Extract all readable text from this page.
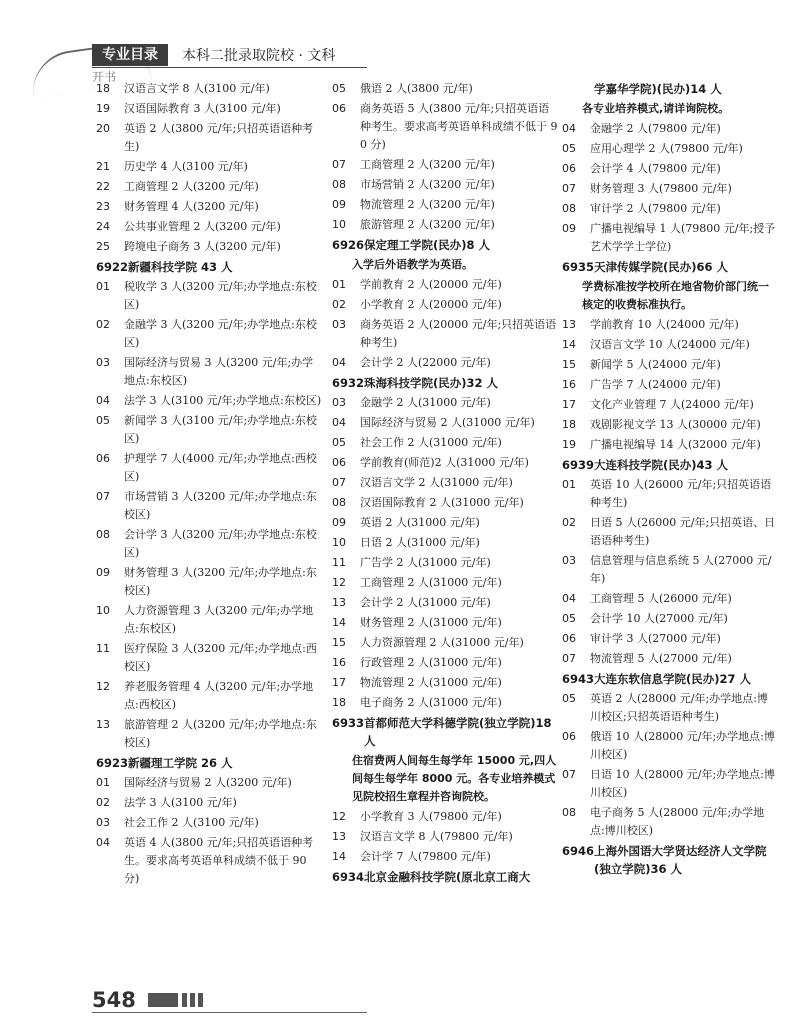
专业目录	本科二批录取院校 · 文科
开书
18	汉语言文学 8 人(3100 元/年)
19	汉语国际教育 3 人(3100 元/年)
20	英语 2 人(3800 元/年;只招英语语种考生)
21	历史学 4 人(3100 元/年)
22	工商管理 2 人(3200 元/年)
23	财务管理 4 人(3200 元/年)
24	公共事业管理 2 人(3200 元/年)
25	跨境电子商务 3 人(3200 元/年)
6922 新疆科技学院 43 人
01	税收学 3 人(3200 元/年;办学地点:东校区)
02	金融学 3 人(3200 元/年;办学地点:东校区)
03	国际经济与贸易 3 人(3200 元/年;办学地点:东校区)
04	法学 3 人(3100 元/年;办学地点:东校区)
05	新闻学 3 人(3100 元/年;办学地点:东校区)
06	护理学 7 人(4000 元/年;办学地点:西校区)
07	市场营销 3 人(3200 元/年;办学地点:东校区)
08	会计学 3 人(3200 元/年;办学地点:东校区)
09	财务管理 3 人(3200 元/年;办学地点:东校区)
10	人力资源管理 3 人(3200 元/年;办学地点:东校区)
11	医疗保险 3 人(3200 元/年;办学地点:西校区)
12	养老服务管理 4 人(3200 元/年;办学地点:西校区)
13	旅游管理 2 人(3200 元/年;办学地点:东校区)
6923 新疆理工学院 26 人
01	国际经济与贸易 2 人(3200 元/年)
02	法学 3 人(3100 元/年)
03	社会工作 2 人(3100 元/年)
04	英语 4 人(3800 元/年;只招英语语种考生。要求高考英语单科成绩不低于 90 分)
05	俄语 2 人(3800 元/年)
06	商务英语 5 人(3800 元/年;只招英语语种考生。要求高考英语单科成绩不低于 90 分)
07	工商管理 2 人(3200 元/年)
08	市场营销 2 人(3200 元/年)
09	物流管理 2 人(3200 元/年)
10	旅游管理 2 人(3200 元/年)
6926 保定理工学院(民办)8 人
入学后外语教学为英语。
01	学前教育 2 人(20000 元/年)
02	小学教育 2 人(20000 元/年)
03	商务英语 2 人(20000 元/年;只招英语语种考生)
04	会计学 2 人(22000 元/年)
6932 珠海科技学院(民办)32 人
03	金融学 2 人(31000 元/年)
04	国际经济与贸易 2 人(31000 元/年)
05	社会工作 2 人(31000 元/年)
06	学前教育(师范)2 人(31000 元/年)
07	汉语言文学 2 人(31000 元/年)
08	汉语国际教育 2 人(31000 元/年)
09	英语 2 人(31000 元/年)
10	日语 2 人(31000 元/年)
11	广告学 2 人(31000 元/年)
12	工商管理 2 人(31000 元/年)
13	会计学 2 人(31000 元/年)
14	财务管理 2 人(31000 元/年)
15	人力资源管理 2 人(31000 元/年)
16	行政管理 2 人(31000 元/年)
17	物流管理 2 人(31000 元/年)
18	电子商务 2 人(31000 元/年)
6933 首都师范大学科德学院(独立学院)18 人
住宿费两人间每生每学年 15000 元,四人间每生每学年 8000 元。各专业培养模式见院校招生章程并咨询院校。
12	小学教育 3 人(79800 元/年)
13	汉语言文学 8 人(79800 元/年)
14	会计学 7 人(79800 元/年)
6934 北京金融科技学院(原北京工商大
学嘉华学院)(民办)14 人
各专业培养模式,请详询院校。
04	金融学 2 人(79800 元/年)
05	应用心理学 2 人(79800 元/年)
06	会计学 4 人(79800 元/年)
07	财务管理 3 人(79800 元/年)
08	审计学 2 人(79800 元/年)
09	广播电视编导 1 人(79800 元/年;授予艺术学学士学位)
6935 天津传媒学院(民办)66 人
学费标准按学校所在地省物价部门统一核定的收费标准执行。
13	学前教育 10 人(24000 元/年)
14	汉语言文学 10 人(24000 元/年)
15	新闻学 5 人(24000 元/年)
16	广告学 7 人(24000 元/年)
17	文化产业管理 7 人(24000 元/年)
18	戏剧影视文学 13 人(30000 元/年)
19	广播电视编导 14 人(32000 元/年)
6939 大连科技学院(民办)43 人
01	英语 10 人(26000 元/年;只招英语语种考生)
02	日语 5 人(26000 元/年;只招英语、日语语种考生)
03	信息管理与信息系统 5 人(27000 元/年)
04	工商管理 5 人(26000 元/年)
05	会计学 10 人(27000 元/年)
06	审计学 3 人(27000 元/年)
07	物流管理 5 人(27000 元/年)
6943 大连东软信息学院(民办)27 人
05	英语 2 人(28000 元/年;办学地点:博川校区;只招英语语种考生)
06	俄语 10 人(28000 元/年;办学地点:博川校区)
07	日语 10 人(28000 元/年;办学地点:博川校区)
08	电子商务 5 人(28000 元/年;办学地点:博川校区)
6946 上海外国语大学贤达经济人文学院(独立学院)36 人
548
